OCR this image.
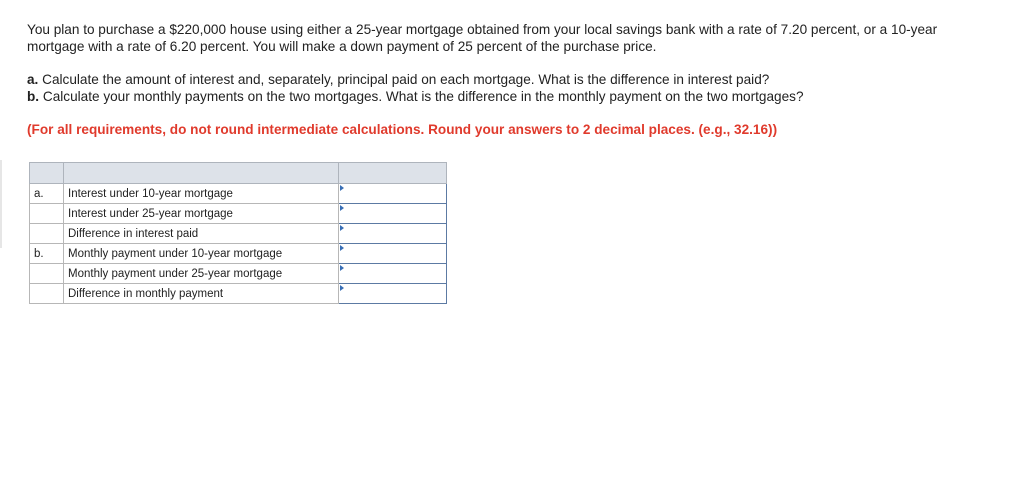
You plan to purchase a $220,000 house using either a 25-year mortgage obtained from your local savings bank with a rate of 7.20 percent, or a 10-year mortgage with a rate of 6.20 percent. You will make a down payment of 25 percent of the purchase price.

a. Calculate the amount of interest and, separately, principal paid on each mortgage. What is the difference in interest paid?

b. Calculate your monthly payments on the two mortgages. What is the difference in the monthly payment on the two mortgages?

(For all requirements, do not round intermediate calculations. Round your answers to 2 decimal places. (e.g., 32.16))

a.	Interest under 10-year mortgage	

	Interest under 25-year mortgage	

	Difference in interest paid	

b.	Monthly payment under 10-year mortgage	

	Monthly payment under 25-year mortgage	

	Difference in monthly payment	
